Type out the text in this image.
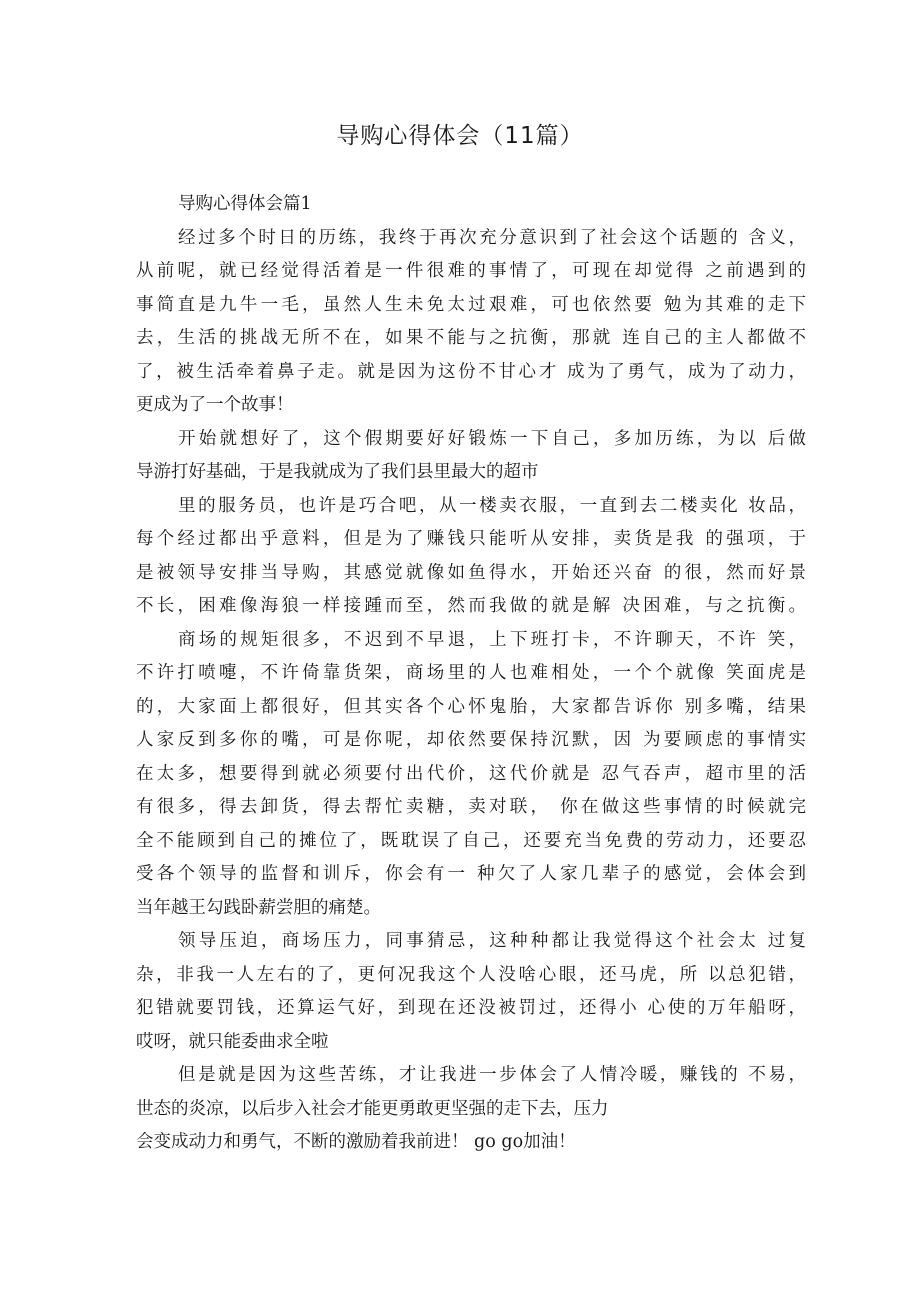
导购心得体会（11篇）
导购心得体会篇1
经过多个时日的历练，我终于再次充分意识到了社会这个话题的 含义，
从前呢，就已经觉得活着是一件很难的事情了，可现在却觉得 之前遇到的
事简直是九牛一毛，虽然人生未免太过艰难，可也依然要 勉为其难的走下
去，生活的挑战无所不在，如果不能与之抗衡，那就 连自己的主人都做不
了，被生活牵着鼻子走。就是因为这份不甘心才 成为了勇气，成为了动力，
更成为了一个故事！
开始就想好了，这个假期要好好锻炼一下自己，多加历练，为以 后做
导游打好基础，于是我就成为了我们县里最大的超市
里的服务员，也许是巧合吧，从一楼卖衣服，一直到去二楼卖化 妆品，
每个经过都出乎意料，但是为了赚钱只能听从安排，卖货是我 的强项，于
是被领导安排当导购，其感觉就像如鱼得水，开始还兴奋 的很，然而好景
不长，困难像海狼一样接踵而至，然而我做的就是解 决困难，与之抗衡。
商场的规矩很多，不迟到不早退，上下班打卡，不许聊天，不许 笑，
不许打喷嚏，不许倚靠货架，商场里的人也难相处，一个个就像 笑面虎是
的，大家面上都很好，但其实各个心怀鬼胎，大家都告诉你 别多嘴，结果
人家反到多你的嘴，可是你呢，却依然要保持沉默，因 为要顾虑的事情实
在太多，想要得到就必须要付出代价，这代价就是 忍气吞声，超市里的活
有很多，得去卸货，得去帮忙卖糖，卖对联， 你在做这些事情的时候就完
全不能顾到自己的摊位了，既耽误了自己，还要充当免费的劳动力，还要忍
受各个领导的监督和训斥，你会有一 种欠了人家几辈子的感觉，会体会到
当年越王勾践卧薪尝胆的痛楚。
领导压迫，商场压力，同事猜忌，这种种都让我觉得这个社会太 过复
杂，非我一人左右的了，更何况我这个人没啥心眼，还马虎，所 以总犯错，
犯错就要罚钱，还算运气好，到现在还没被罚过，还得小 心使的万年船呀，
哎呀，就只能委曲求全啦
但是就是因为这些苦练，才让我进一步体会了人情冷暖，赚钱的 不易，
世态的炎凉，以后步入社会才能更勇敢更坚强的走下去，压力
会变成动力和勇气，不断的激励着我前进！ go go加油！
